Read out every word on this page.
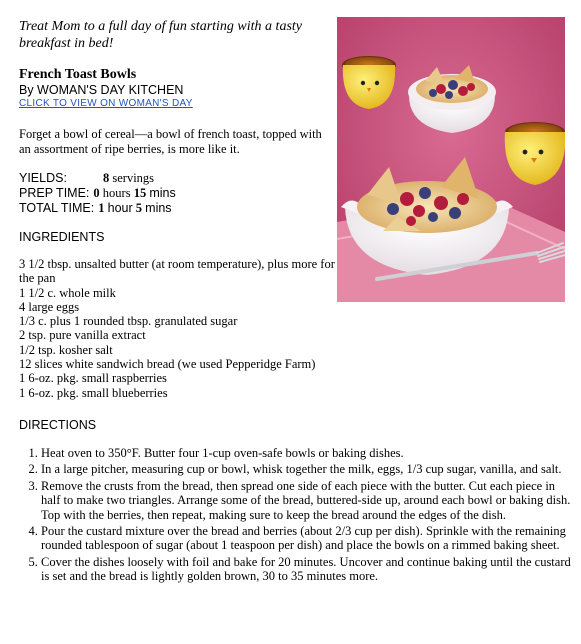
Treat Mom to a full day of fun starting with a tasty breakfast in bed!
French Toast Bowls
By WOMAN'S DAY KITCHEN
CLICK TO VIEW ON WOMAN'S DAY
Forget a bowl of cereal—a bowl of french toast, topped with an assortment of ripe berries, is more like it.
YIELDS:	8 servings
PREP TIME: 0 hours 15 mins
TOTAL TIME: 1 hour 5 mins
INGREDIENTS
3 1/2 tbsp. unsalted butter (at room temperature), plus more for the pan
1 1/2 c. whole milk
4 large eggs
1/3 c. plus 1 rounded tbsp. granulated sugar
2 tsp. pure vanilla extract
1/2 tsp. kosher salt
12 slices white sandwich bread (we used Pepperidge Farm)
1 6-oz. pkg. small raspberries
1 6-oz. pkg. small blueberries
DIRECTIONS
1. Heat oven to 350°F. Butter four 1-cup oven-safe bowls or baking dishes.
2. In a large pitcher, measuring cup or bowl, whisk together the milk, eggs, 1/3 cup sugar, vanilla, and salt.
3. Remove the crusts from the bread, then spread one side of each piece with the butter. Cut each piece in half to make two triangles. Arrange some of the bread, buttered-side up, around each bowl or baking dish. Top with the berries, then repeat, making sure to keep the bread around the edges of the dish.
4. Pour the custard mixture over the bread and berries (about 2/3 cup per dish). Sprinkle with the remaining rounded tablespoon of sugar (about 1 teaspoon per dish) and place the bowls on a rimmed baking sheet.
5. Cover the dishes loosely with foil and bake for 20 minutes. Uncover and continue baking until the custard is set and the bread is lightly golden brown, 30 to 35 minutes more.
